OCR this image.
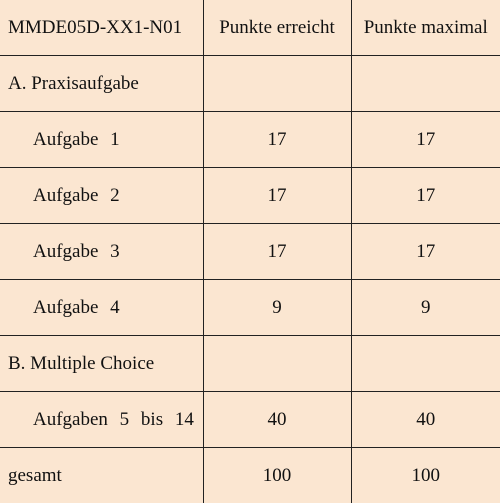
MMDE05D-XX1-N01	Punkte erreicht	Punkte maximal
A. Praxisaufgabe		
Aufgabe 1	17	17
Aufgabe 2	17	17
Aufgabe 3	17	17
Aufgabe 4	9	9
B. Multiple Choice		
Aufgaben 5 bis 14	40	40
gesamt	100	100
